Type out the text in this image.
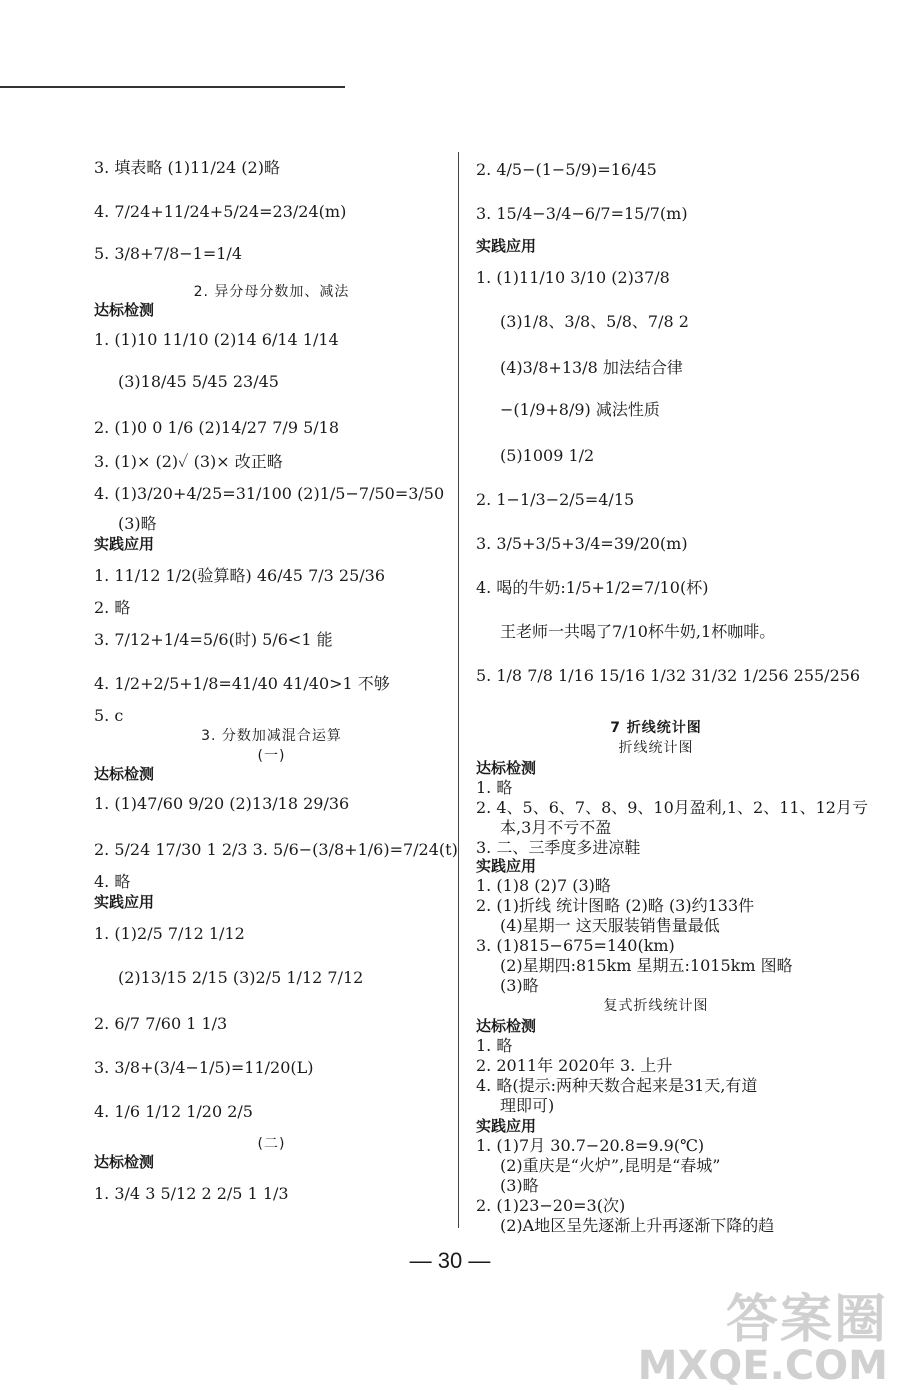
3. 填表略 (1)11/24 (2)略
4. 7/24+11/24+5/24=23/24(m)
5. 3/8+7/8−1=1/4
2. 异分母分数加、减法
达标检测
1. (1)10 11/10 (2)14 6/14 1/14
(3)18/45 5/45 23/45
2. (1)0 0 1/6 (2)14/27 7/9 5/18
3. (1)× (2)✓ (3)× 改正略
4. (1)3/20+4/25=31/100 (2)1/5−7/50=3/50
(3)略
实践应用
1. 11/12 1/2(验算略) 46/45 7/3 25/36
2. 略
3. 7/12+1/4=5/6(时) 5/6<1 能
4. 1/2+2/5+1/8=41/40 41/40>1 不够
5. c
3. 分数加减混合运算
(一)
达标检测
1. (1)47/60 9/20 (2)13/18 29/36
2. 5/24 17/30 1 2/3 3. 5/6−(3/8+1/6)=7/24(t)
4. 略
实践应用
1. (1)2/5 7/12 1/12
(2)13/15 2/15 (3)2/5 1/12 7/12
2. 6/7 7/60 1 1/3
3. 3/8+(3/4−1/5)=11/20(L)
4. 1/6 1/12 1/20 2/5
(二)
达标检测
1. 3/4 3 5/12 2 2/5 1 1/3
2. 4/5−(1−5/9)=16/45
3. 15/4−3/4−6/7=15/7(m)
实践应用
1. (1)11/10 3/10 (2)37/8
(3)1/8、3/8、5/8、7/8 2
(4)3/8+13/8 加法结合律
−(1/9+8/9) 减法性质
(5)1009 1/2
2. 1−1/3−2/5=4/15
3. 3/5+3/5+3/4=39/20(m)
4. 喝的牛奶:1/5+1/2=7/10(杯)
王老师一共喝了7/10杯牛奶,1杯咖啡。
5. 1/8 7/8 1/16 15/16 1/32 31/32 1/256 255/256
7 折线统计图
折线统计图
达标检测
1. 略
2. 4、5、6、7、8、9、10月盈利,1、2、11、12月亏
本,3月不亏不盈
3. 二、三季度多进凉鞋
实践应用
1. (1)8 (2)7 (3)略
2. (1)折线 统计图略 (2)略 (3)约133件
(4)星期一 这天服装销售量最低
3. (1)815−675=140(km)
(2)星期四:815km 星期五:1015km 图略
(3)略
复式折线统计图
达标检测
1. 略
2. 2011年 2020年 3. 上升
4. 略(提示:两种天数合起来是31天,有道
理即可)
实践应用
1. (1)7月 30.7−20.8=9.9(℃)
(2)重庆是“火炉”,昆明是“春城”
(3)略
2. (1)23−20=3(次)
(2)A地区呈先逐渐上升再逐渐下降的趋
— 30 —
答案圈
MXQE.COM
